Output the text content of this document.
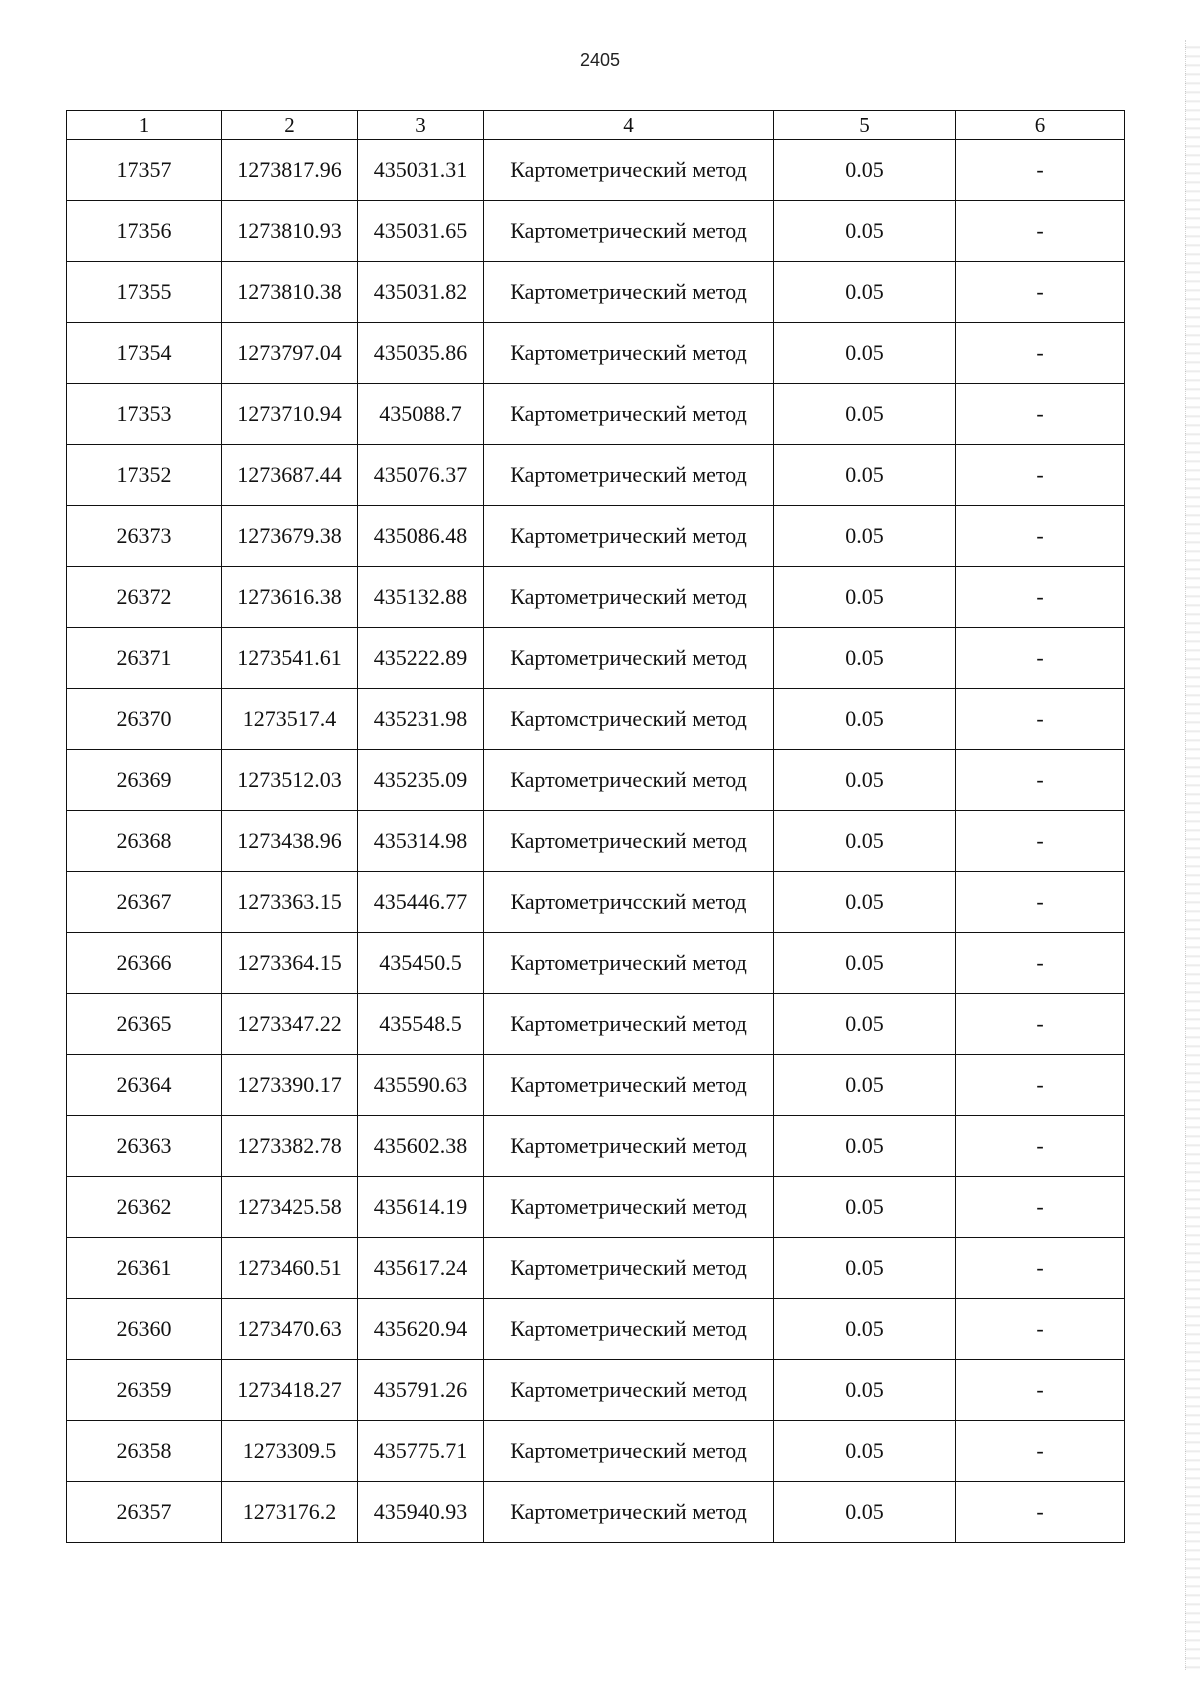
2405
1	2	3	4	5	6
17357	1273817.96	435031.31	Картометрический метод	0.05	-
17356	1273810.93	435031.65	Картометрический метод	0.05	-
17355	1273810.38	435031.82	Картометрический метод	0.05	-
17354	1273797.04	435035.86	Картометрический метод	0.05	-
17353	1273710.94	435088.7	Картометрический метод	0.05	-
17352	1273687.44	435076.37	Картометрический метод	0.05	-
26373	1273679.38	435086.48	Картометрический метод	0.05	-
26372	1273616.38	435132.88	Картометрический метод	0.05	-
26371	1273541.61	435222.89	Картометрический метод	0.05	-
26370	1273517.4	435231.98	Картомстрический метод	0.05	-
26369	1273512.03	435235.09	Картометрический метод	0.05	-
26368	1273438.96	435314.98	Картометрический метод	0.05	-
26367	1273363.15	435446.77	Картометричсский метод	0.05	-
26366	1273364.15	435450.5	Картометрический метод	0.05	-
26365	1273347.22	435548.5	Картометрический метод	0.05	-
26364	1273390.17	435590.63	Картометрический метод	0.05	-
26363	1273382.78	435602.38	Картометрический метод	0.05	-
26362	1273425.58	435614.19	Картометрический метод	0.05	-
26361	1273460.51	435617.24	Картометрический метод	0.05	-
26360	1273470.63	435620.94	Картометрический метод	0.05	-
26359	1273418.27	435791.26	Картометрический метод	0.05	-
26358	1273309.5	435775.71	Картометрический метод	0.05	-
26357	1273176.2	435940.93	Картометрический метод	0.05	-
